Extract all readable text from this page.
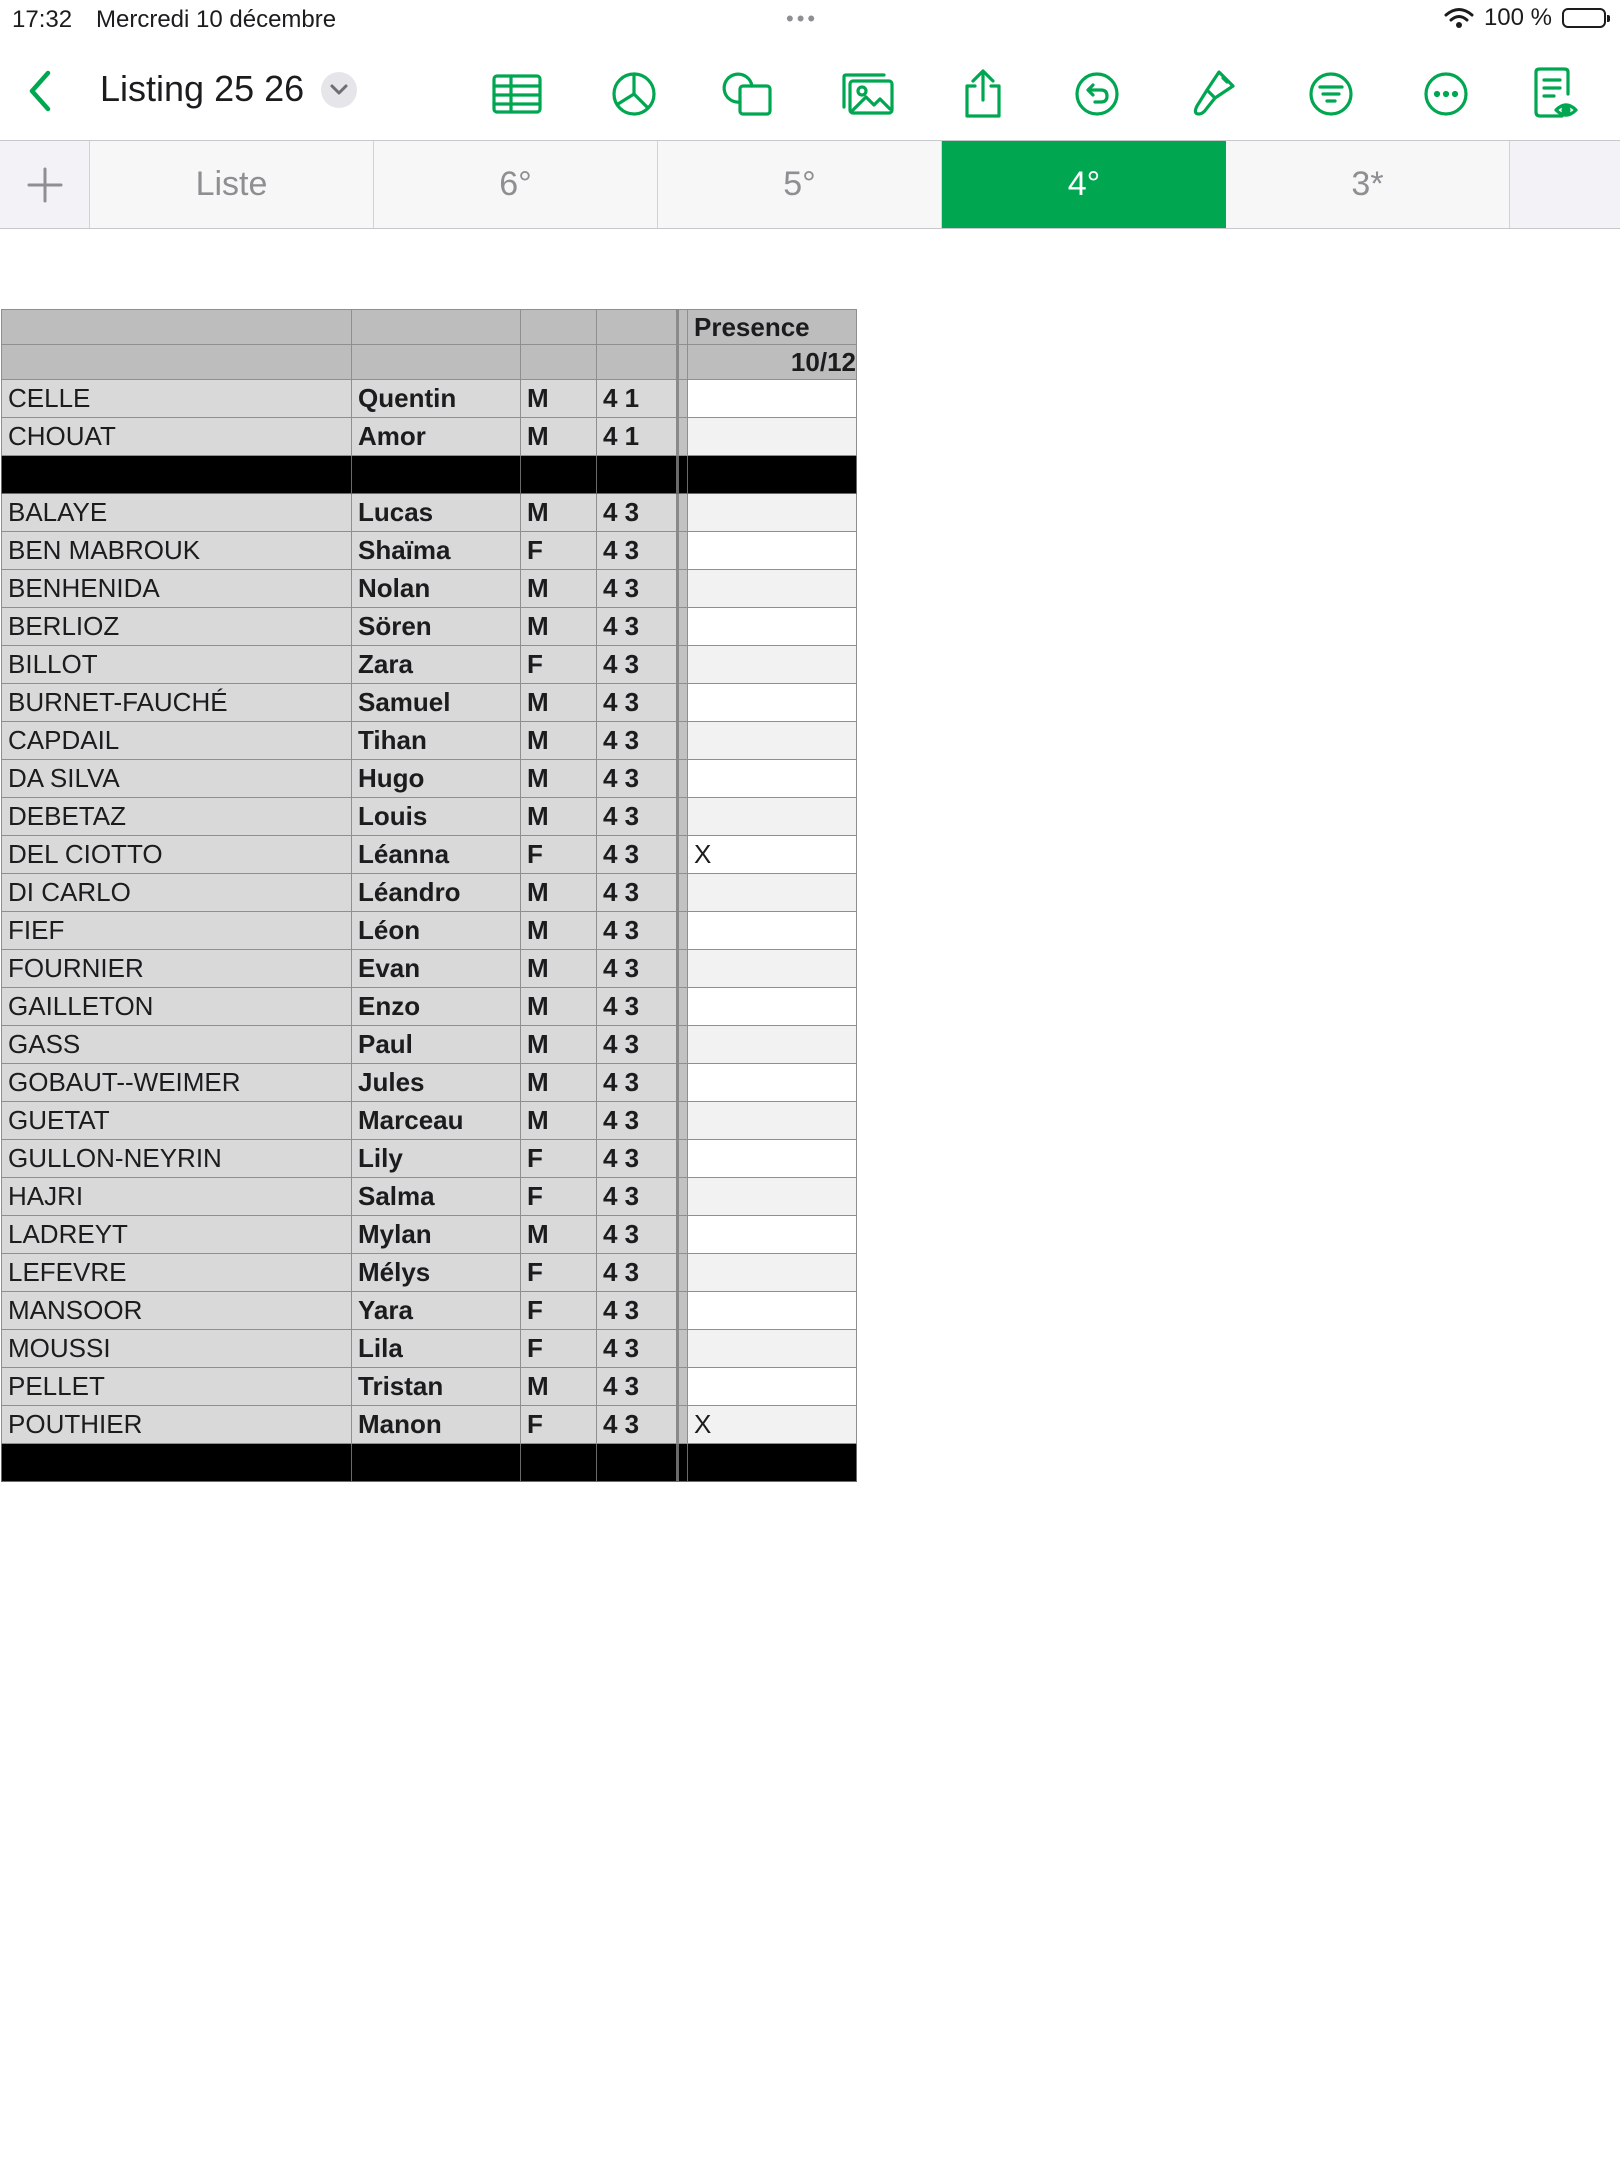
17:32 Mercredi 10 décembre	•••	100 %
Listing 25 26
Liste	6°	5°	4°	3*
					Presence
					10/12
CELLE	Quentin	M	4 1		
CHOUAT	Amor	M	4 1		

BALAYE	Lucas	M	4 3		
BEN MABROUK	Shaïma	F	4 3		
BENHENIDA	Nolan	M	4 3		
BERLIOZ	Sören	M	4 3		
BILLOT	Zara	F	4 3		
BURNET-FAUCHÉ	Samuel	M	4 3		
CAPDAIL	Tihan	M	4 3		
DA SILVA	Hugo	M	4 3		
DEBETAZ	Louis	M	4 3		
DEL CIOTTO	Léanna	F	4 3		X
DI CARLO	Léandro	M	4 3		
FIEF	Léon	M	4 3		
FOURNIER	Evan	M	4 3		
GAILLETON	Enzo	M	4 3		
GASS	Paul	M	4 3		
GOBAUT--WEIMER	Jules	M	4 3		
GUETAT	Marceau	M	4 3		
GULLON-NEYRIN	Lily	F	4 3		
HAJRI	Salma	F	4 3		
LADREYT	Mylan	M	4 3		
LEFEVRE	Mélys	F	4 3		
MANSOOR	Yara	F	4 3		
MOUSSI	Lila	F	4 3		
PELLET	Tristan	M	4 3		
POUTHIER	Manon	F	4 3		X
